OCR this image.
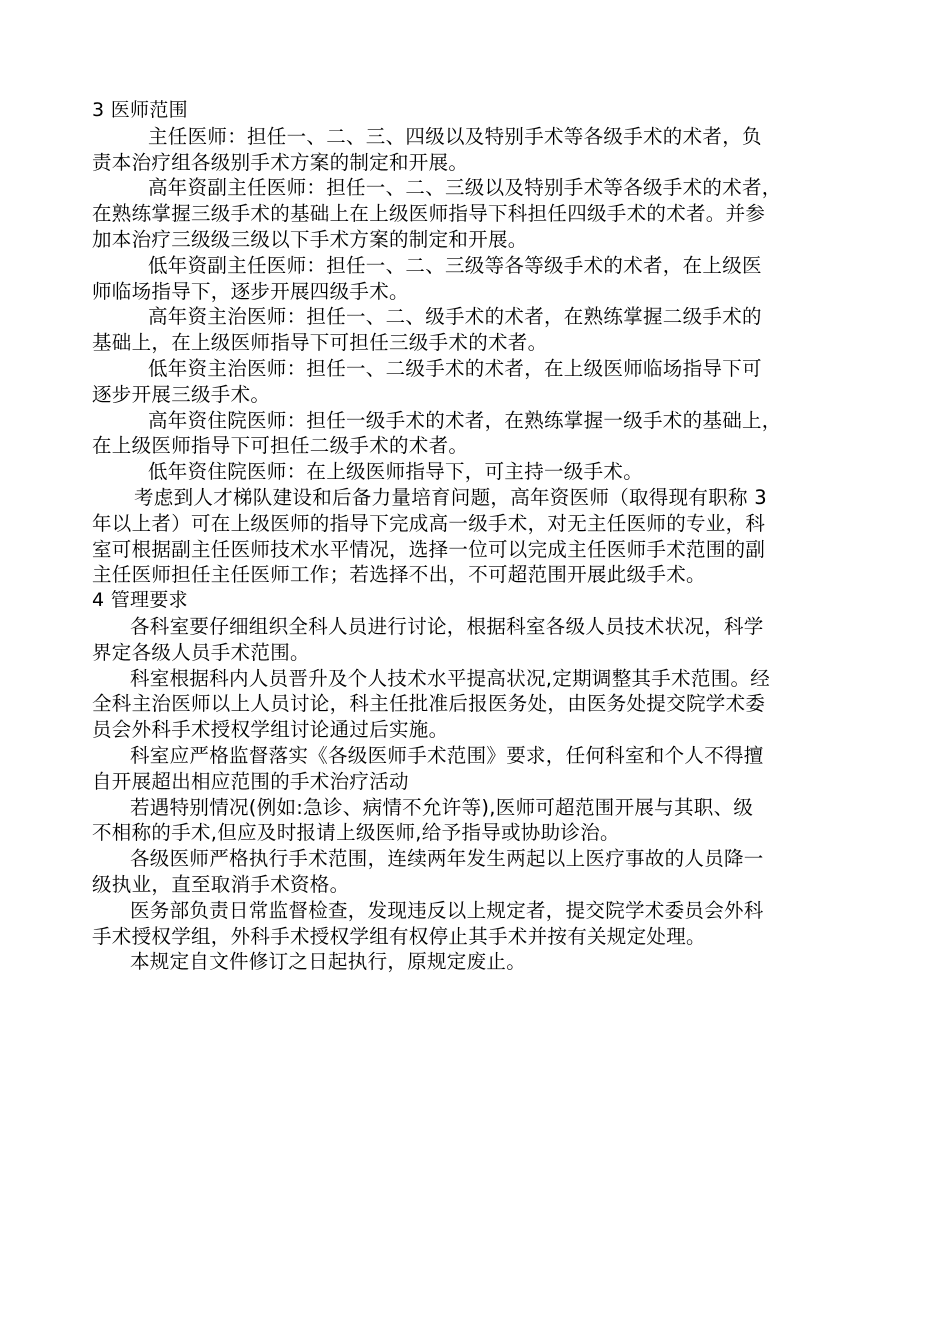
3 医师范围
主任医师：担任一、二、三、四级以及特别手术等各级手术的术者，负
责本治疗组各级别手术方案的制定和开展。
高年资副主任医师：担任一、二、三级以及特别手术等各级手术的术者，
在熟练掌握三级手术的基础上在上级医师指导下科担任四级手术的术者。并参
加本治疗三级级三级以下手术方案的制定和开展。
低年资副主任医师：担任一、二、三级等各等级手术的术者，在上级医
师临场指导下，逐步开展四级手术。
高年资主治医师：担任一、二、级手术的术者，在熟练掌握二级手术的
基础上，在上级医师指导下可担任三级手术的术者。
低年资主治医师：担任一、二级手术的术者，在上级医师临场指导下可
逐步开展三级手术。
高年资住院医师：担任一级手术的术者，在熟练掌握一级手术的基础上，
在上级医师指导下可担任二级手术的术者。
低年资住院医师：在上级医师指导下，可主持一级手术。
考虑到人才梯队建设和后备力量培育问题，高年资医师（取得现有职称 3
年以上者）可在上级医师的指导下完成高一级手术，对无主任医师的专业，科
室可根据副主任医师技术水平情况，选择一位可以完成主任医师手术范围的副
主任医师担任主任医师工作；若选择不出，不可超范围开展此级手术。
4 管理要求
各科室要仔细组织全科人员进行讨论，根据科室各级人员技术状况，科学
界定各级人员手术范围。
科室根据科内人员晋升及个人技术水平提高状况,定期调整其手术范围。经
全科主治医师以上人员讨论，科主任批准后报医务处，由医务处提交院学术委
员会外科手术授权学组讨论通过后实施。
科室应严格监督落实《各级医师手术范围》要求，任何科室和个人不得擅
自开展超出相应范围的手术治疗活动
若遇特别情况(例如:急诊、病情不允许等),医师可超范围开展与其职、级
不相称的手术,但应及时报请上级医师,给予指导或协助诊治。
各级医师严格执行手术范围，连续两年发生两起以上医疗事故的人员降一
级执业，直至取消手术资格。
医务部负责日常监督检查，发现违反以上规定者，提交院学术委员会外科
手术授权学组，外科手术授权学组有权停止其手术并按有关规定处理。
本规定自文件修订之日起执行，原规定废止。
